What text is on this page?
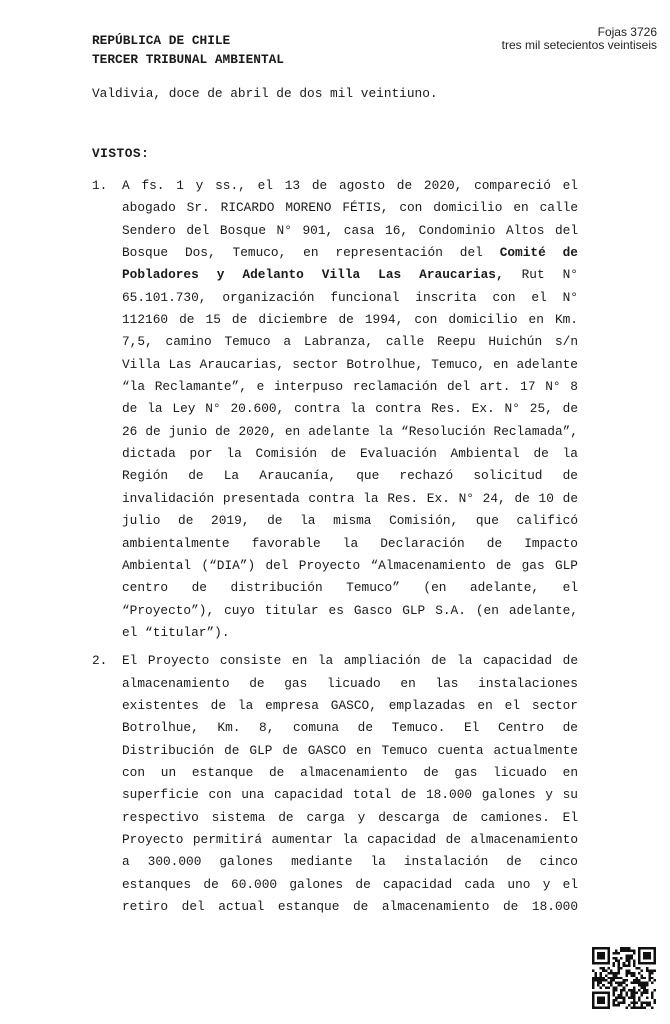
REPÚBLICA DE CHILE
TERCER TRIBUNAL AMBIENTAL
Fojas 3726
tres mil setecientos veintiseis
Valdivia, doce de abril de dos mil veintiuno.
VISTOS:
1.	A fs. 1 y ss., el 13 de agosto de 2020, compareció el
abogado Sr. RICARDO MORENO FÉTIS, con domicilio en calle
Sendero del Bosque N° 901, casa 16, Condominio Altos del
Bosque Dos, Temuco, en representación del Comité de
Pobladores y Adelanto Villa Las Araucarias, Rut N°
65.101.730, organización funcional inscrita con el N°
112160 de 15 de diciembre de 1994, con domicilio en Km.
7,5, camino Temuco a Labranza, calle Reepu Huichún s/n
Villa Las Araucarias, sector Botrolhue, Temuco, en adelante
“la Reclamante”, e interpuso reclamación del art. 17 N° 8
de la Ley N° 20.600, contra la contra Res. Ex. N° 25, de
26 de junio de 2020, en adelante la “Resolución Reclamada”,
dictada por la Comisión de Evaluación Ambiental de la
Región de La Araucanía, que rechazó solicitud de
invalidación presentada contra la Res. Ex. N° 24, de 10 de
julio de 2019, de la misma Comisión, que calificó
ambientalmente favorable la Declaración de Impacto
Ambiental (“DIA”) del Proyecto “Almacenamiento de gas GLP
centro de distribución Temuco” (en adelante, el
“Proyecto”), cuyo titular es Gasco GLP S.A. (en adelante,
el “titular”).
2.	El Proyecto consiste en la ampliación de la capacidad de
almacenamiento de gas licuado en las instalaciones
existentes de la empresa GASCO, emplazadas en el sector
Botrolhue, Km. 8, comuna de Temuco. El Centro de
Distribución de GLP de GASCO en Temuco cuenta actualmente
con un estanque de almacenamiento de gas licuado en
superficie con una capacidad total de 18.000 galones y su
respectivo sistema de carga y descarga de camiones. El
Proyecto permitirá aumentar la capacidad de almacenamiento
a 300.000 galones mediante la instalación de cinco
estanques de 60.000 galones de capacidad cada uno y el
retiro del actual estanque de almacenamiento de 18.000
